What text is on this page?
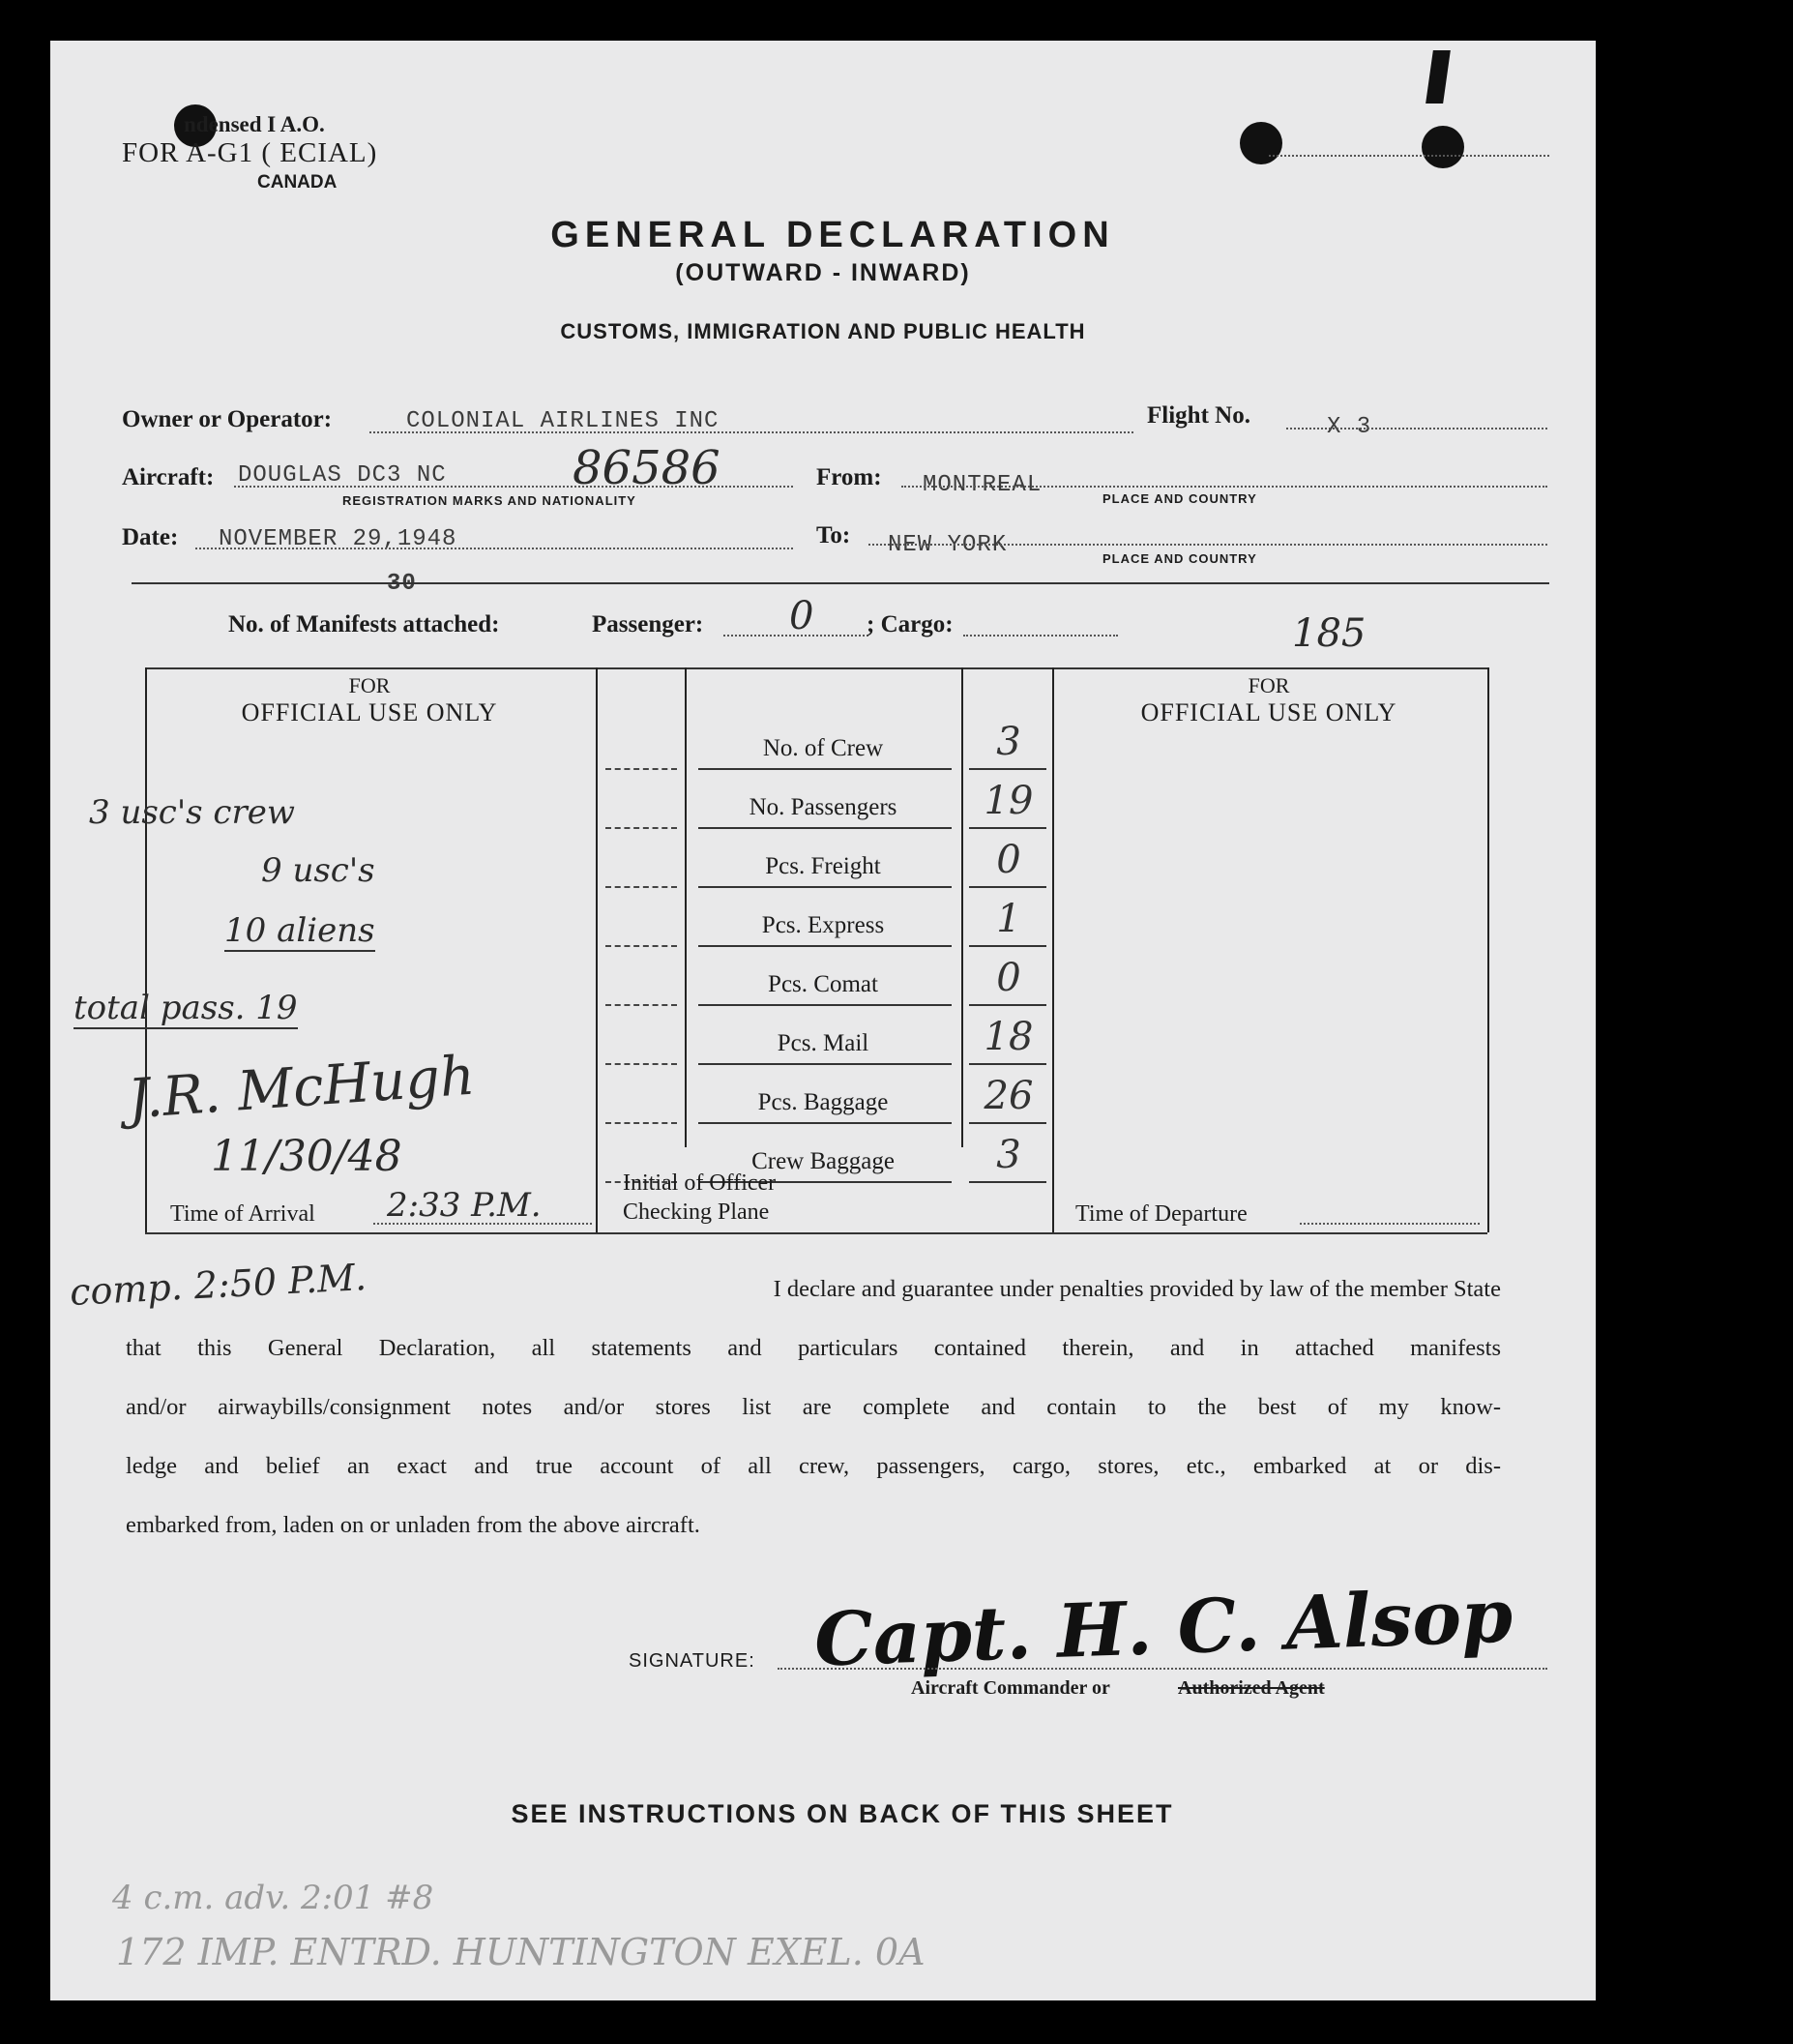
ndensed I A.O.
FOR A-G1 ( ECIAL)
CANADA
GENERAL DECLARATION
(OUTWARD - INWARD)
CUSTOMS, IMMIGRATION AND PUBLIC HEALTH
Owner or Operator:	COLONIAL AIRLINES INC	Flight No.	X 3
Aircraft: DOUGLAS DC3 NC	86586
REGISTRATION MARKS AND NATIONALITY
From: MONTREAL
PLACE AND COUNTRY
Date: NOVEMBER 29,1948
30
To: NEW YORK
PLACE AND COUNTRY
No. of Manifests attached:	Passenger: 0 ; Cargo:	185
FOR
OFFICIAL USE ONLY
FOR
OFFICIAL USE ONLY
No. of Crew	3
No. Passengers	19
Pcs. Freight	0
Pcs. Express	1
Pcs. Comat	0
Pcs. Mail	18
Pcs. Baggage	26
Crew Baggage	3
3 usc's crew
9 usc's
10 aliens
total pass. 19
J.R. McHugh
11/30/48
Time of Arrival 2:33 P.M.
Initial of Officer
Checking Plane	Time of Departure
comp. 2:50 P.M.	I declare and guarantee under penalties provided by law of the member State
that this General Declaration, all statements and particulars contained therein, and in attached manifests
and/or airwaybills/consignment notes and/or stores list are complete and contain to the best of my know-
ledge and belief an exact and true account of all crew, passengers, cargo, stores, etc., embarked at or dis-
embarked from, laden on or unladen from the above aircraft.
SIGNATURE: Capt. H. C. Alsop
Aircraft Commander or	Authorized Agent
SEE INSTRUCTIONS ON BACK OF THIS SHEET
4 c.m. adv. 2:01 #8
172 IMP. ENTRD. HUNTINGTON EXEL. 0A
